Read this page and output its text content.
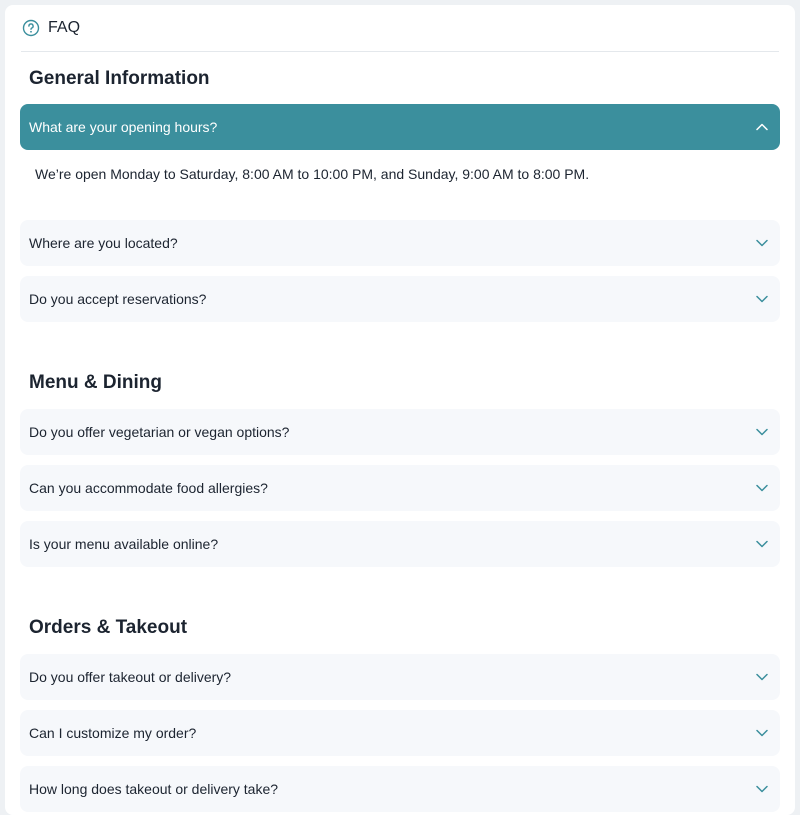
FAQ
General Information
What are your opening hours?
We’re open Monday to Saturday, 8:00 AM to 10:00 PM, and Sunday, 9:00 AM to 8:00 PM.
Where are you located?
Do you accept reservations?
Menu & Dining
Do you offer vegetarian or vegan options?
Can you accommodate food allergies?
Is your menu available online?
Orders & Takeout
Do you offer takeout or delivery?
Can I customize my order?
How long does takeout or delivery take?
